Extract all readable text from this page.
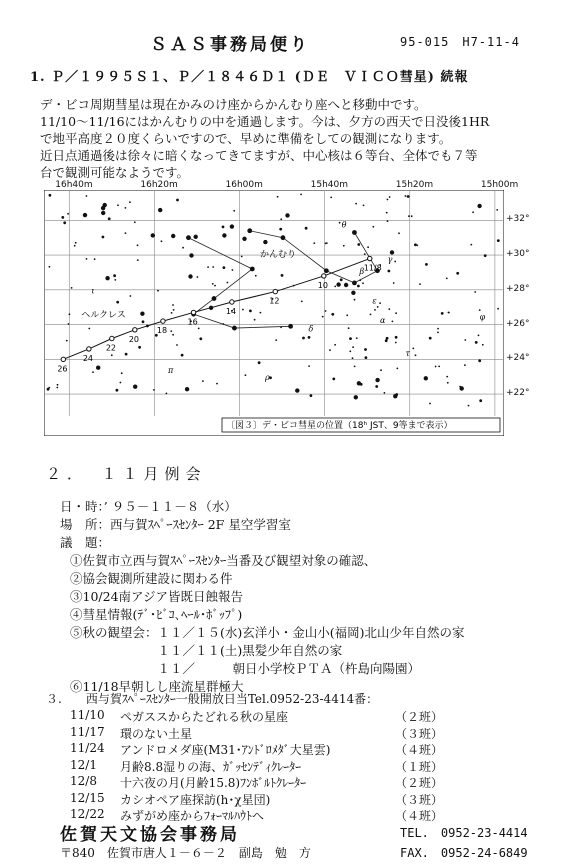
ＳＡＳ事務局便り	95-015　H7-11-4
1. Ｐ／１９９５Ｓ１、Ｐ／１８４６Ｄ１ (ＤＥ　ＶＩＣＯ彗星) 続報
デ・ビコ周期彗星は現在かみのけ座からかんむり座へと移動中です。
11/10〜11/16にはかんむりの中を通過します。今は、夕方の西天で日没後1HR
で地平高度２０度くらいですので、早めに準備をしての観測になります。
近日点通過後は徐々に暗くなってきてますが、中心核は６等台、全体でも７等
台で観測可能なようです。
26
24
22
20
18
16
14
12
10
11/8
かんむり
ヘルクレス
θ
β
α
γ
δ
ε
ι
τ
φ
π
ρ
〔図３〕デ・ビコ彗星の位置（18ʰ JST、9等まで表示）
16h40m	16h20m	16h00m	15h40m	15h20m	15h00m
+32°
+30°
+28°
+26°
+24°
+22°
２．　１１月例会
日・時：’ ９５－１１－８（水）
場　所：西与賀ｽﾍﾟｰｽｾﾝﾀｰ 2F 星空学習室
議　題：
①佐賀市立西与賀ｽﾍﾟｰｽｾﾝﾀｰ当番及び観望対象の確認、
②協会観測所建設に関わる件
③10/24南アジア皆既日蝕報告
④彗星情報(ﾃﾞ･ﾋﾞｺ､ﾍｰﾙ･ﾎﾞｯﾌﾟ)
⑤秋の観望会：１１／１５(水)玄洋小・金山小(福岡)北山少年自然の家
　　　　　　　１１／１１(土)黒髪少年自然の家
　　　　　　　１１／　　　朝日小学校ＰＴＡ（杵島向陽園）
⑥11/18早朝しし座流星群極大
３.　　西与賀ｽﾍﾟｰｽｾﾝﾀｰ一般開放日当Tel.0952-23-4414番：
11/10 ペガススからたどれる秋の星座	（２班）
11/17 環のない土星	（３班）
11/24 アンドロメダ座(M31･ｱﾝﾄﾞﾛﾒﾀﾞ大星雲)	（４班）
12/1 月齢8.8湿りの海、ｶﾞｯｾﾝﾃﾞｨｸﾚｰﾀｰ	（１班）
12/8 十六夜の月(月齢15.8)ﾌﾝﾎﾞﾙﾄｸﾚｰﾀｰ	（２班）
12/15 カシオペア座探訪(h･χ星団)	（３班）
12/22 みずがめ座からﾌｫｰﾏﾙﾊｳﾄへ	（４班）
佐賀天文協会事務局	TEL.　0952-23-4414
〒840　佐賀市唐人１－６－２　副島　勉　方	FAX.　0952-24-6849
